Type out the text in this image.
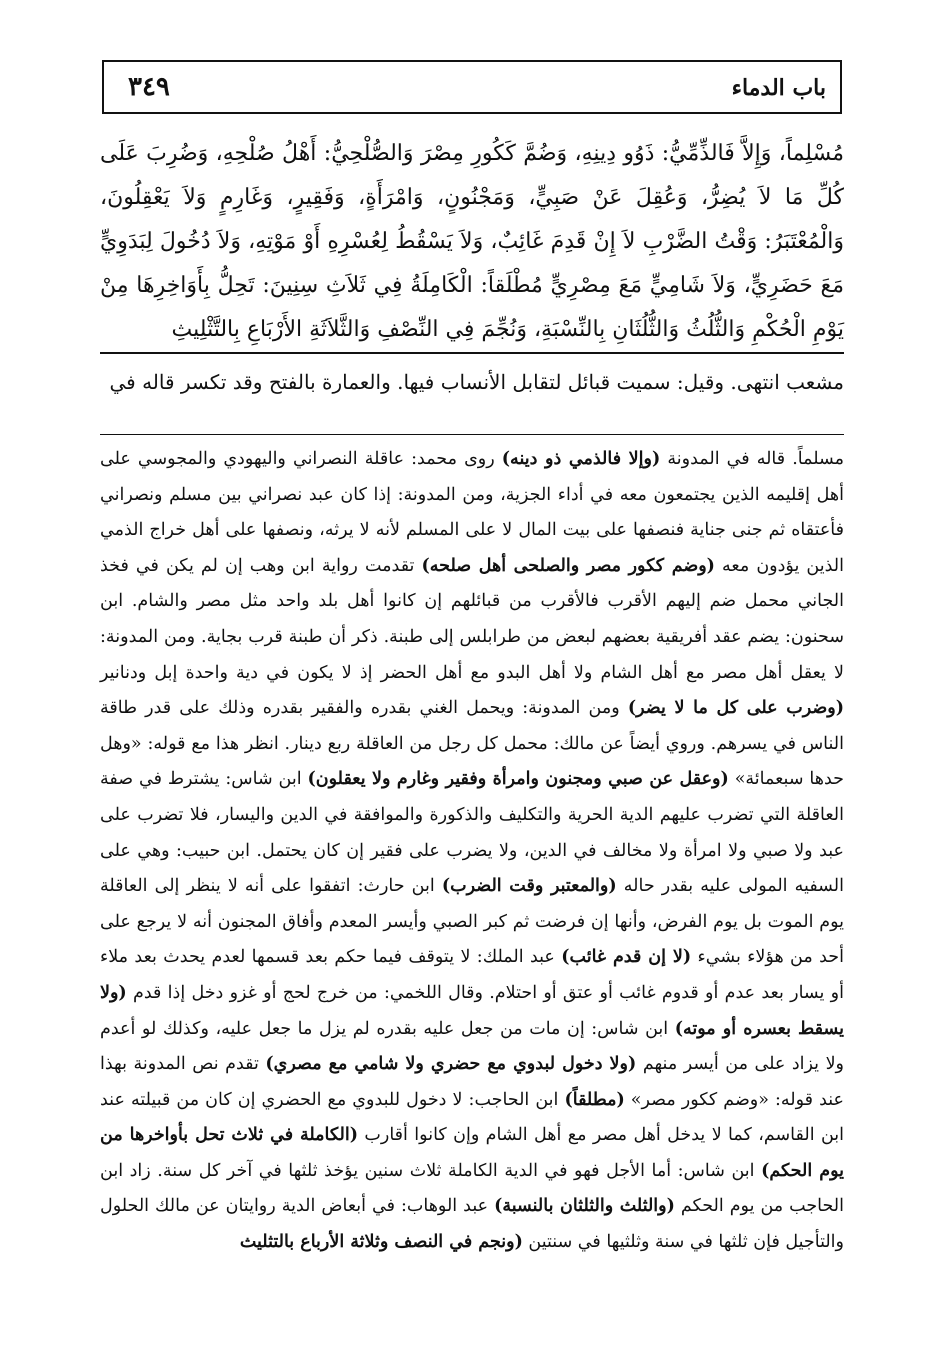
باب الدماء
٣٤٩

مُسْلِماً، وَإِلاَّ فَالذِّمِّيُّ: ذَوُو دِينِهِ، وَضُمَّ كَكُورِ مِصْرَ وَالصُّلْحِيُّ: أَهْلُ صُلْحِهِ، وَضُرِبَ عَلَى كُلِّ مَا لاَ يُضِرُّ، وَعُقِلَ عَنْ صَبِيٍّ، وَمَجْنُونٍ، وَامْرَأَةٍ، وَفَقِيرٍ، وَغَارِمٍ وَلاَ يَعْقِلُونَ، وَالْمُعْتَبَرُ: وَقْتُ الضَّرْبِ لاَ إِنْ قَدِمَ غَائِبٌ، وَلاَ يَسْقُطُ لِعُسْرِهِ أَوْ مَوْتِهِ، وَلاَ دُخُولَ لِبَدَوِيٍّ مَعَ حَضَرِيٍّ، وَلاَ شَامِيٍّ مَعَ مِصْرِيٍّ مُطْلَقاً: الْكَامِلَةُ فِي ثَلاَثِ سِنِينَ: تَحِلُّ بِأَوَاخِرِهَا مِنْ يَوْمِ الْحُكْمِ وَالثُّلُثُ وَالثُّلُثَانِ بِالنِّسْبَةِ، وَنُجِّمَ فِي النِّصْفِ وَالثَّلاَثَةِ الأَرْبَاعِ بِالتَّثْلِيثِ

مشعب انتهى. وقيل: سميت قبائل لتقابل الأنساب فيها. والعمارة بالفتح وقد تكسر قاله في

مسلماً. قاله في المدونة (وإلا فالذمي ذو دينه) روى محمد: عاقلة النصراني واليهودي والمجوسي على أهل إقليمه الذين يجتمعون معه في أداء الجزية، ومن المدونة: إذا كان عبد نصراني بين مسلم ونصراني فأعتقاه ثم جنى جناية فنصفها على بيت المال لا على المسلم لأنه لا يرثه، ونصفها على أهل خراج الذمي الذين يؤدون معه (وضم ككور مصر والصلحى أهل صلحه) تقدمت رواية ابن وهب إن لم يكن في فخذ الجاني محمل ضم إليهم الأقرب فالأقرب من قبائلهم إن كانوا أهل بلد واحد مثل مصر والشام. ابن سحنون: يضم عقد أفريقية بعضهم لبعض من طرابلس إلى طبنة. ذكر أن طبنة قرب بجاية. ومن المدونة: لا يعقل أهل مصر مع أهل الشام ولا أهل البدو مع أهل الحضر إذ لا يكون في دية واحدة إبل ودنانير (وضرب على كل ما لا يضر) ومن المدونة: ويحمل الغني بقدره والفقير بقدره وذلك على قدر طاقة الناس في يسرهم. وروي أيضاً عن مالك: محمل كل رجل من العاقلة ربع دينار. انظر هذا مع قوله: «وهل حدها سبعمائة» (وعقل عن صبي ومجنون وامرأة وفقير وغارم ولا يعقلون) ابن شاس: يشترط في صفة العاقلة التي تضرب عليهم الدية الحرية والتكليف والذكورة والموافقة في الدين واليسار، فلا تضرب على عبد ولا صبي ولا امرأة ولا مخالف في الدين، ولا يضرب على فقير إن كان يحتمل. ابن حبيب: وهي على السفيه المولى عليه بقدر حاله (والمعتبر وقت الضرب) ابن حارث: اتفقوا على أنه لا ينظر إلى العاقلة يوم الموت بل يوم الفرض، وأنها إن فرضت ثم كبر الصبي وأيسر المعدم وأفاق المجنون أنه لا يرجع على أحد من هؤلاء بشيء (لا إن قدم غائب) عبد الملك: لا يتوقف فيما حكم بعد قسمها لعدم يحدث بعد ملاء أو يسار بعد عدم أو قدوم غائب أو عتق أو احتلام. وقال اللخمي: من خرج لحج أو غزو دخل إذا قدم (ولا يسقط بعسره أو موته) ابن شاس: إن مات من جعل عليه بقدره لم يزل ما جعل عليه، وكذلك لو أعدم ولا يزاد على من أيسر منهم (ولا دخول لبدوي مع حضري ولا شامي مع مصري) تقدم نص المدونة بهذا عند قوله: «وضم ككور مصر» (مطلقاً) ابن الحاجب: لا دخول للبدوي مع الحضري إن كان من قبيلته عند ابن القاسم، كما لا يدخل أهل مصر مع أهل الشام وإن كانوا أقارب (الكاملة في ثلاث تحل بأواخرها من يوم الحكم) ابن شاس: أما الأجل فهو في الدية الكاملة ثلاث سنين يؤخذ ثلثها في آخر كل سنة. زاد ابن الحاجب من يوم الحكم (والثلث والثلثان بالنسبة) عبد الوهاب: في أبعاض الدية روايتان عن مالك الحلول والتأجيل فإن ثلثها في سنة وثلثيها في سنتين (ونجم في النصف وثلاثة الأرباع بالتثليث
